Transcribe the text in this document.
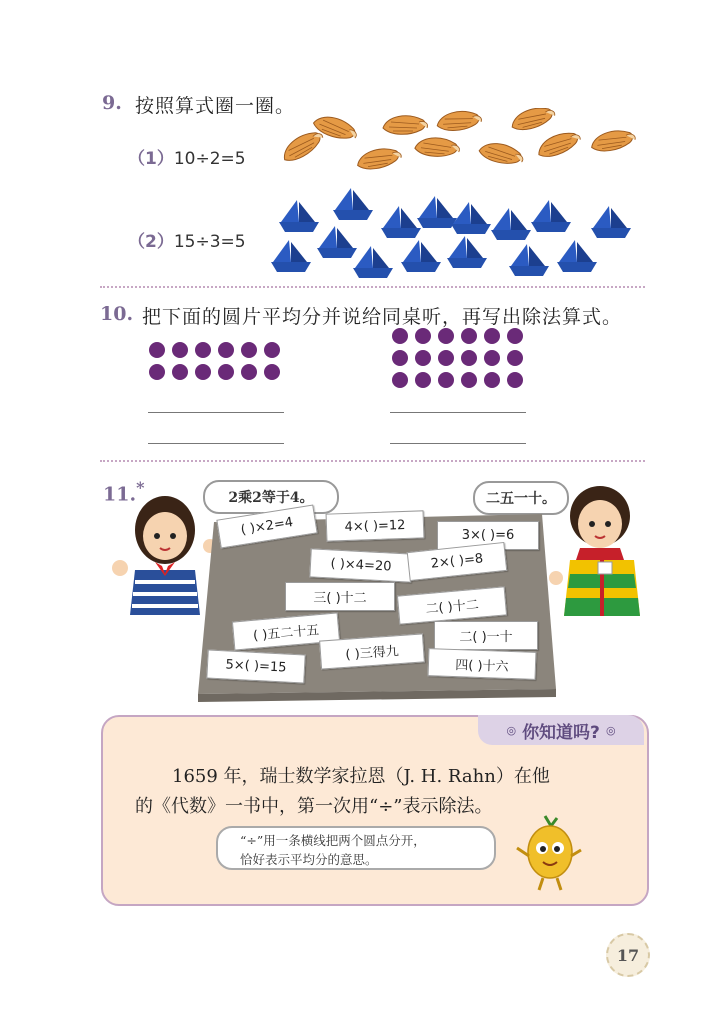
9. 按照算式圈一圈。
（1）10÷2=5
（2）15÷3=5
10. 把下面的圆片平均分并说给同桌听，再写出除法算式。
11.*
2乘2等于4。	二五一十。
( )×2=4	4×( )=12
3×( )=6
( )×4=20	2×( )=8
三( )十二	二( )十二
( )五二十五	二( )一十
( )三得九
5×( )=15	四( )十六
◎ 你知道吗? ◎
1659 年，瑞士数学家拉恩（J. H. Rahn）在他
的《代数》一书中，第一次用“÷”表示除法。
“÷”用一条横线把两个圆点分开，
恰好表示平均分的意思。
17
